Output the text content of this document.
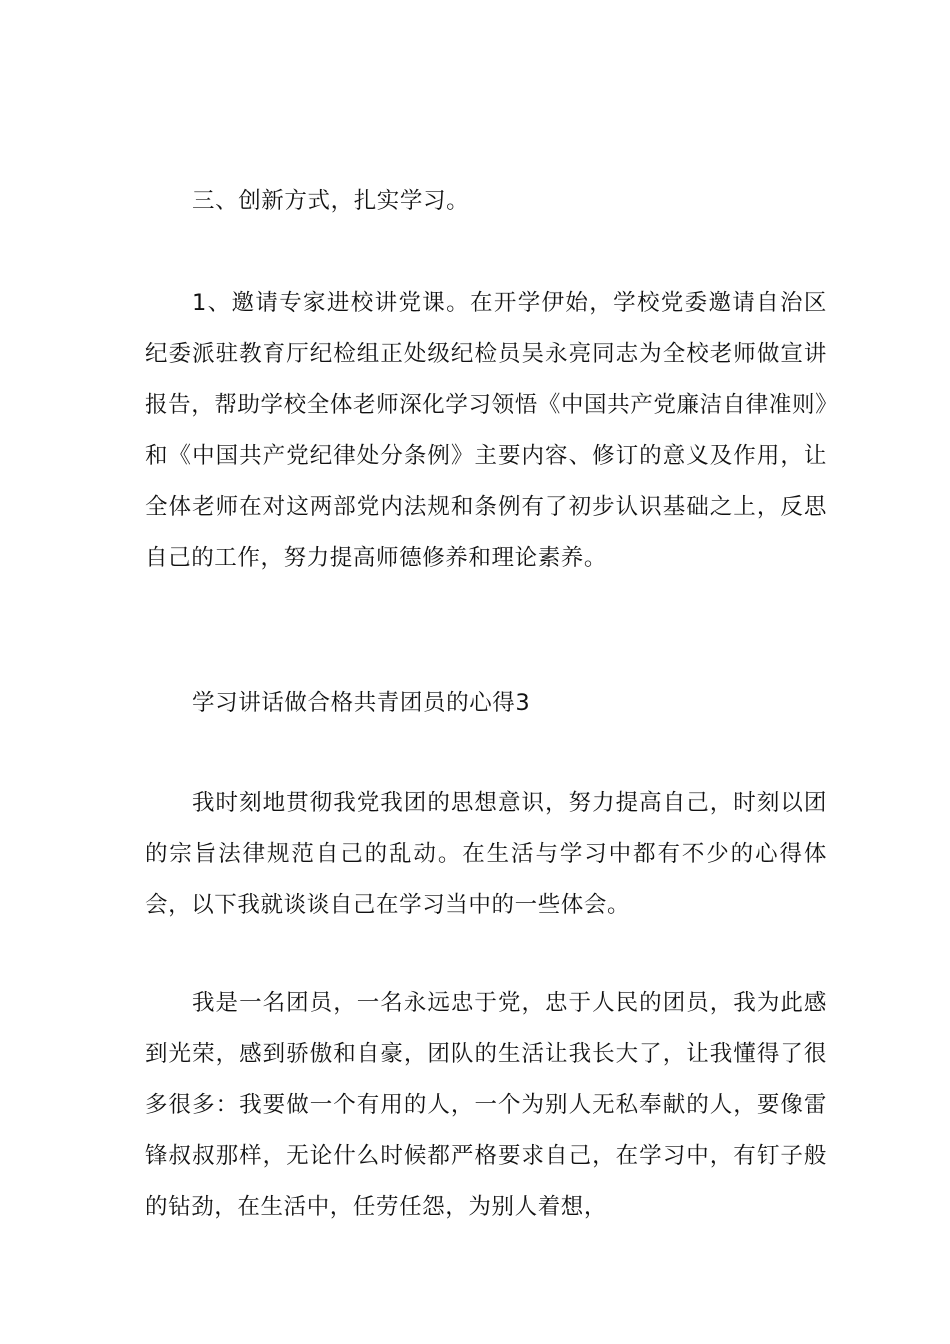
三、创新方式，扎实学习。

1、邀请专家进校讲党课。在开学伊始，学校党委邀请自治区纪委派驻教育厅纪检组正处级纪检员吴永亮同志为全校老师做宣讲报告，帮助学校全体老师深化学习领悟《中国共产党廉洁自律准则》和《中国共产党纪律处分条例》主要内容、修订的意义及作用，让全体老师在对这两部党内法规和条例有了初步认识基础之上，反思自己的工作，努力提高师德修养和理论素养。

学习讲话做合格共青团员的心得3

我时刻地贯彻我党我团的思想意识，努力提高自己，时刻以团的宗旨法律规范自己的乱动。在生活与学习中都有不少的心得体会，以下我就谈谈自己在学习当中的一些体会。

我是一名团员，一名永远忠于党，忠于人民的团员，我为此感到光荣，感到骄傲和自豪，团队的生活让我长大了，让我懂得了很多很多：我要做一个有用的人，一个为别人无私奉献的人，要像雷锋叔叔那样，无论什么时候都严格要求自己，在学习中，有钉子般的钻劲，在生活中，任劳任怨，为别人着想，
